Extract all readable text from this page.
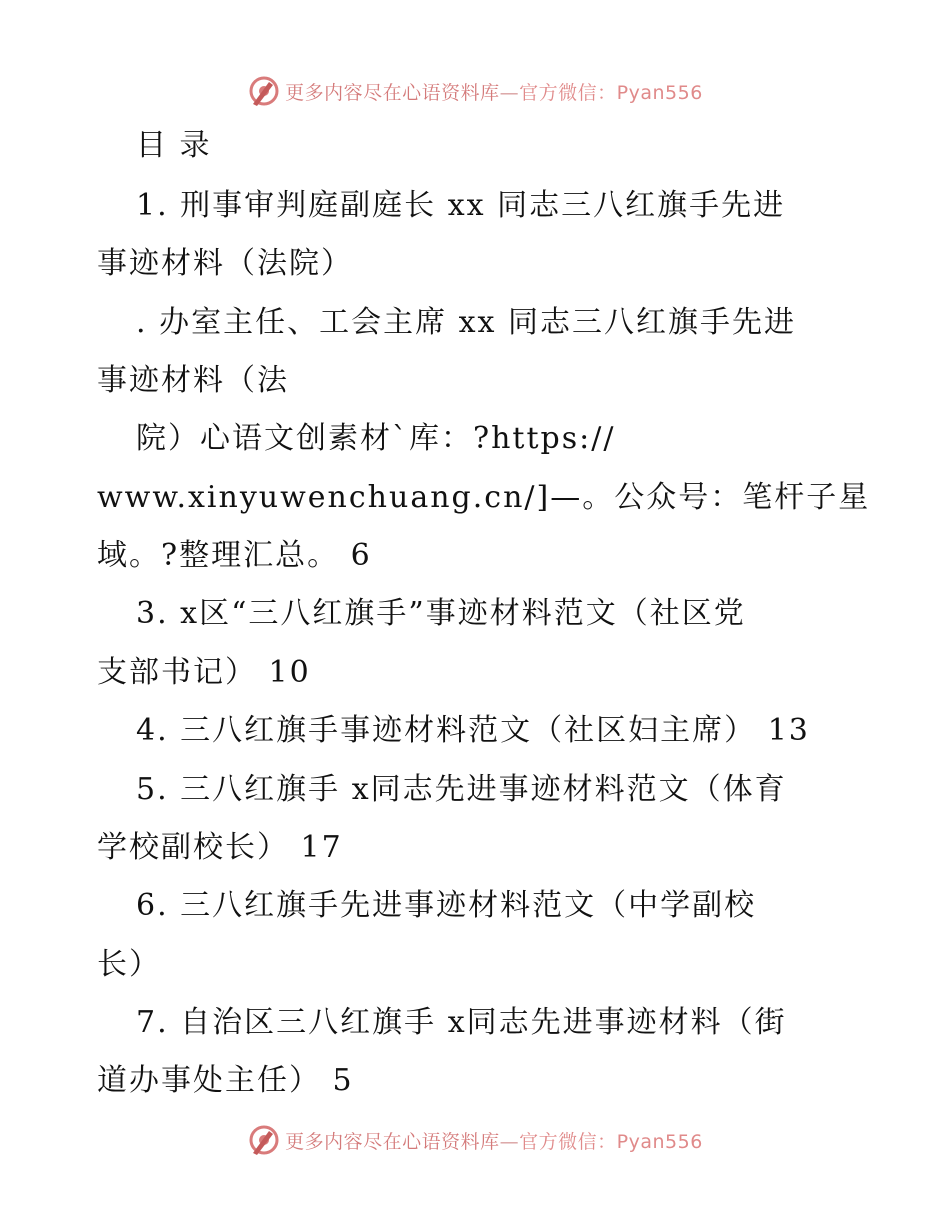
更多内容尽在心语资料库—官方微信：Pyan556
目 录
1. 刑事审判庭副庭长 xx 同志三八红旗手先进
事迹材料（法院）
. 办室主任、工会主席 xx 同志三八红旗手先进
事迹材料（法
院）心语文创素材`库：?https://
www.xinyuwenchuang.cn/]—。公众号：笔杆子星
域。?整理汇总。 6
3. x区“三八红旗手”事迹材料范文（社区党
支部书记） 10
4. 三八红旗手事迹材料范文（社区妇主席） 13
5. 三八红旗手 x同志先进事迹材料范文（体育
学校副校长） 17
6. 三八红旗手先进事迹材料范文（中学副校
长）
7. 自治区三八红旗手 x同志先进事迹材料（街
道办事处主任） 5
更多内容尽在心语资料库—官方微信：Pyan556
